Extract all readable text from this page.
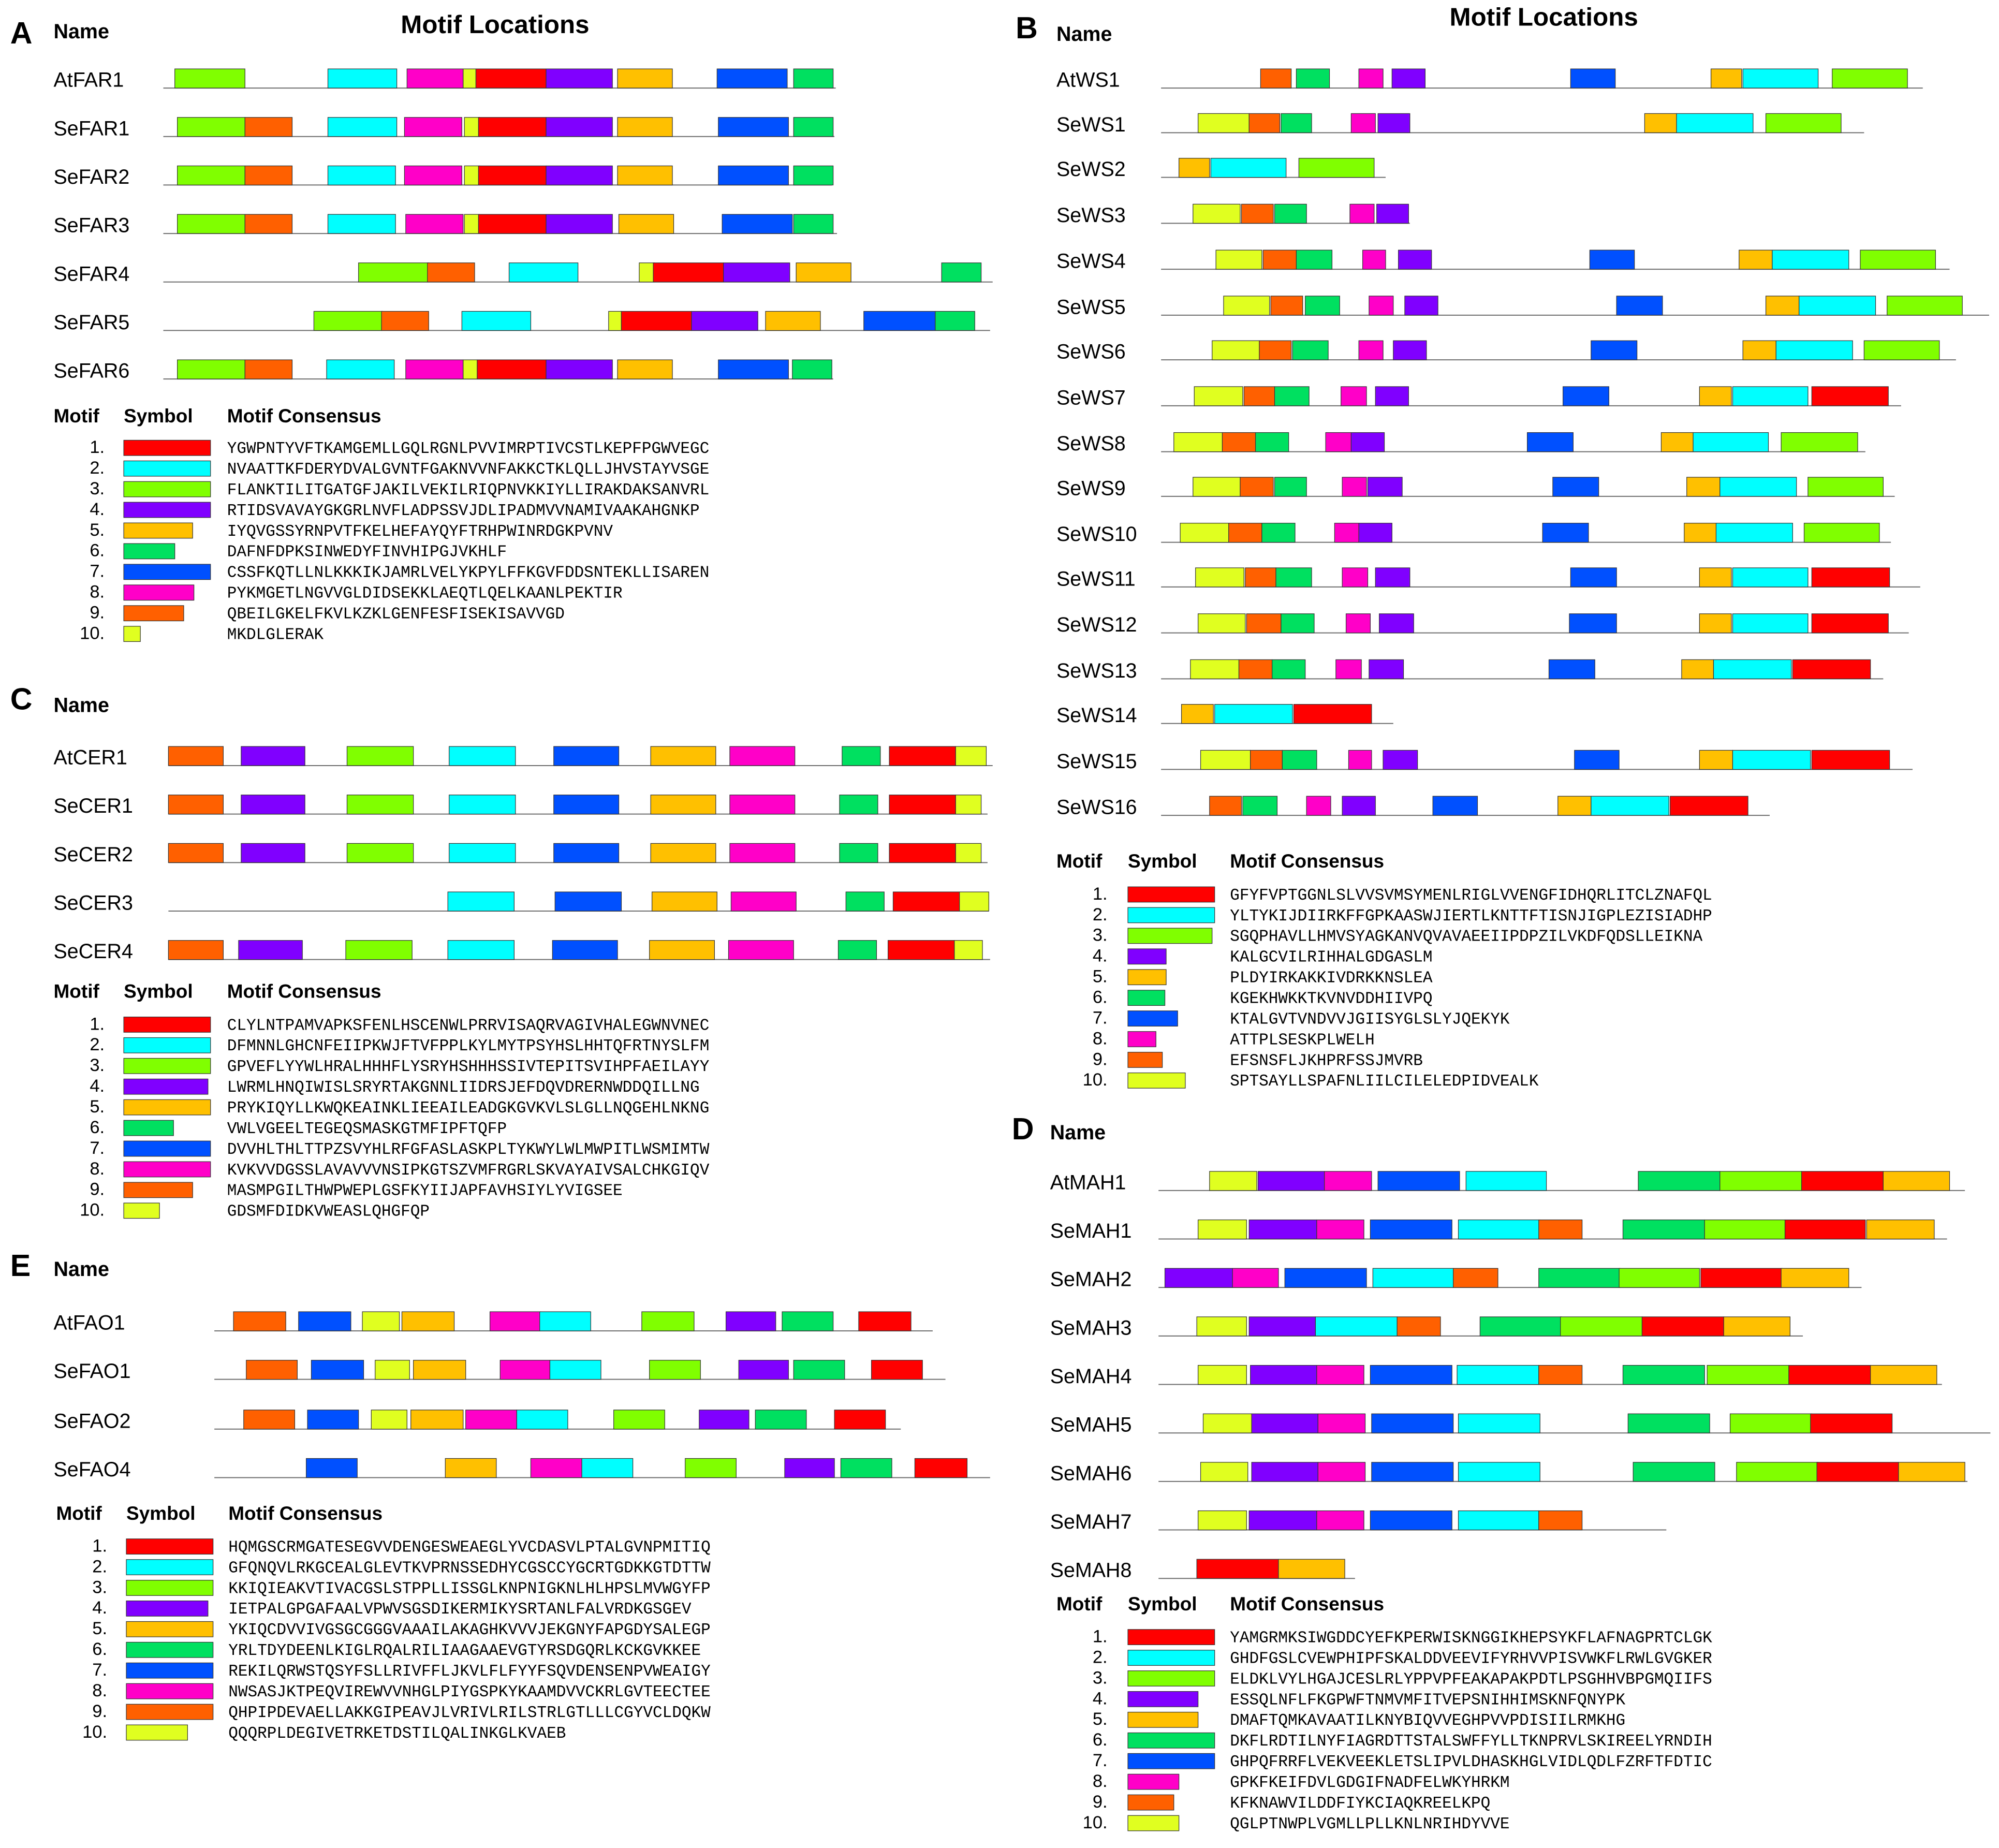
A Name	Motif Locations
AtFAR1
SeFAR1
SeFAR2
SeFAR3
SeFAR4
SeFAR5
SeFAR6
Motif Symbol Motif Consensus
1.	YGWPNTYVFTKAMGEMLLGQLRGNLPVVIMRPTIVCSTLKEPFPGWVEGC
2.	NVAATTKFDERYDVALGVNTFGAKNVVNFAKKCTKLQLLJHVSTAYVSGE
3.	FLANKTILITGATGFJAKILVEKILRIQPNVKKIYLLIRAKDAKSANVRL
4.	RTIDSVAVAYGKGRLNVFLADPSSVJDLIPADMVVNAMIVAAKAHGNKP
5.	IYQVGSSYRNPVTFKELHEFAYQYFTRHPWINRDGKPVNV
6.	DAFNFDPKSINWEDYFINVHIPGJVKHLF
7.	CSSFKQTLLNLKKKIKJAMRLVELYKPYLFFKGVFDDSNTEKLLISAREN
8.	PYKMGETLNGVVGLDIDSEKKLAEQTLQELKAANLPEKTIR
9.	QBEILGKELFKVLKZKLGENFESFISEKISAVVGD
10.	MKDLGLERAK
B Name
Motif Locations
AtWS1
SeWS1
SeWS2
SeWS3
SeWS4
SeWS5
SeWS6
SeWS7
SeWS8
SeWS9
SeWS10
SeWS11
SeWS12
SeWS13
SeWS14
SeWS15
SeWS16
Motif Symbol Motif Consensus
1.	GFYFVPTGGNLSLVVSVMSYMENLRIGLVVENGFIDHQRLITCLZNAFQL
2.	YLTYKIJDIIRKFFGPKAASWJIERTLKNTTFTISNJIGPLEZISIADHP
3.	SGQPHAVLLHMVSYAGKANVQVAVAEEIIPDPZILVKDFQDSLLEIKNA
4.	KALGCVILRIHHALGDGASLM
5.	PLDYIRKAKKIVDRKKNSLEA
6.	KGEKHWKKTKVNVDDHIIVPQ
7.	KTALGVTVNDVVJGIISYGLSLYJQEKYK
8.	ATTPLSESKPLWELH
9.	EFSNSFLJKHPRFSSJMVRB
10.	SPTSAYLLSPAFNLIILCILELEDPIDVEALK
C Name
AtCER1
SeCER1
SeCER2
SeCER3
SeCER4
Motif Symbol Motif Consensus
1.	CLYLNTPAMVAPKSFENLHSCENWLPRRVISAQRVAGIVHALEGWNVNEC
2.	DFMNNLGHCNFEIIPKWJFTVFPPLKYLMYTPSYHSLHHTQFRTNYSLFM
3.	GPVEFLYYWLHRALHHHFLYSRYHSHHHSSIVTEPITSVIHPFAEILAYY
4.	LWRMLHNQIWISLSRYRTAKGNNLIIDRSJEFDQVDRERNWDDQILLNG
5.	PRYKIQYLLKWQKEAINKLIEEAILEADGKGVKVLSLGLLNQGEHLNKNG
6.	VWLVGEELTEGEQSMASKGTMFIPFTQFP
7.	DVVHLTHLTTPZSVYHLRFGFASLASKPLTYKWYLWLMWPITLWSMIMTW
8.	KVKVVDGSSLAVAVVVNSIPKGTSZVMFRGRLSKVAYAIVSALCHKGIQV
9.	MASMPGILTHWPWEPLGSFKYIIJAPFAVHSIYLYVIGSEE
10.	GDSMFDIDKVWEASLQHGFQP
D Name
AtMAH1
SeMAH1
SeMAH2
SeMAH3
SeMAH4
SeMAH5
SeMAH6
SeMAH7
SeMAH8
Motif Symbol Motif Consensus
1.	YAMGRMKSIWGDDCYEFKPERWISKNGGIKHEPSYKFLAFNAGPRTCLGK
2.	GHDFGSLCVEWPHIPFSKALDDVEEVIFYRHVVPISVWKFLRWLGVGKER
3.	ELDKLVYLHGAJCESLRLYPPVPFEAKAPAKPDTLPSGHHVBPGMQIIFS
4.	ESSQLNFLFKGPWFTNMVMFITVEPSNIHHIMSKNFQNYPK
5.	DMAFTQMKAVAATILKNYBIQVVEGHPVVPDISIILRMKHG
6.	DKFLRDTILNYFIAGRDTTSTALSWFFYLLTKNPRVLSKIREELYRNDIH
7.	GHPQFRRFLVEKVEEKLETSLIPVLDHASKHGLVIDLQDLFZRFTFDTIC
8.	GPKFKEIFDVLGDGIFNADFELWKYHRKM
9.	KFKNAWVILDDFIYKCIAQKREELKPQ
10.	QGLPTNWPLVGMLLPLLKNLNRIHDYVVE
E Name
AtFAO1
SeFAO1
SeFAO2
SeFAO4
Motif Symbol Motif Consensus
1.	HQMGSCRMGATESEGVVDENGESWEAEGLYVCDASVLPTALGVNPMITIQ
2.	GFQNQVLRKGCEALGLEVTKVPRNSSEDHYCGSCCYGCRTGDKKGTDTTW
3.	KKIQIEAKVTIVACGSLSTPPLLISSGLKNPNIGKNLHLHPSLMVWGYFP
4.	IETPALGPGAFAALVPWVSGSDIKERMIKYSRTANLFALVRDKGSGEV
5.	YKIQCDVVIVGSGCGGGVAAAILAKAGHKVVVJEKGNYFAPGDYSALEGP
6.	YRLTDYDEENLKIGLRQALRILIAAGAAEVGTYRSDGQRLKCKGVKKEE
7.	REKILQRWSTQSYFSLLRIVFFLJKVLFLFYYFSQVDENSENPVWEAIGY
8.	NWSASJKTPEQVIREWVVNHGLPIYGSPKYKAAMDVVCKRLGVTEECTEE
9.	QHPIPDEVAELLAKKGIPEAVJLVRIVLRILSTRLGTLLLCGYVCLDQKW
10.	QQQRPLDEGIVETRKETDSTILQALINKGLKVAEB
